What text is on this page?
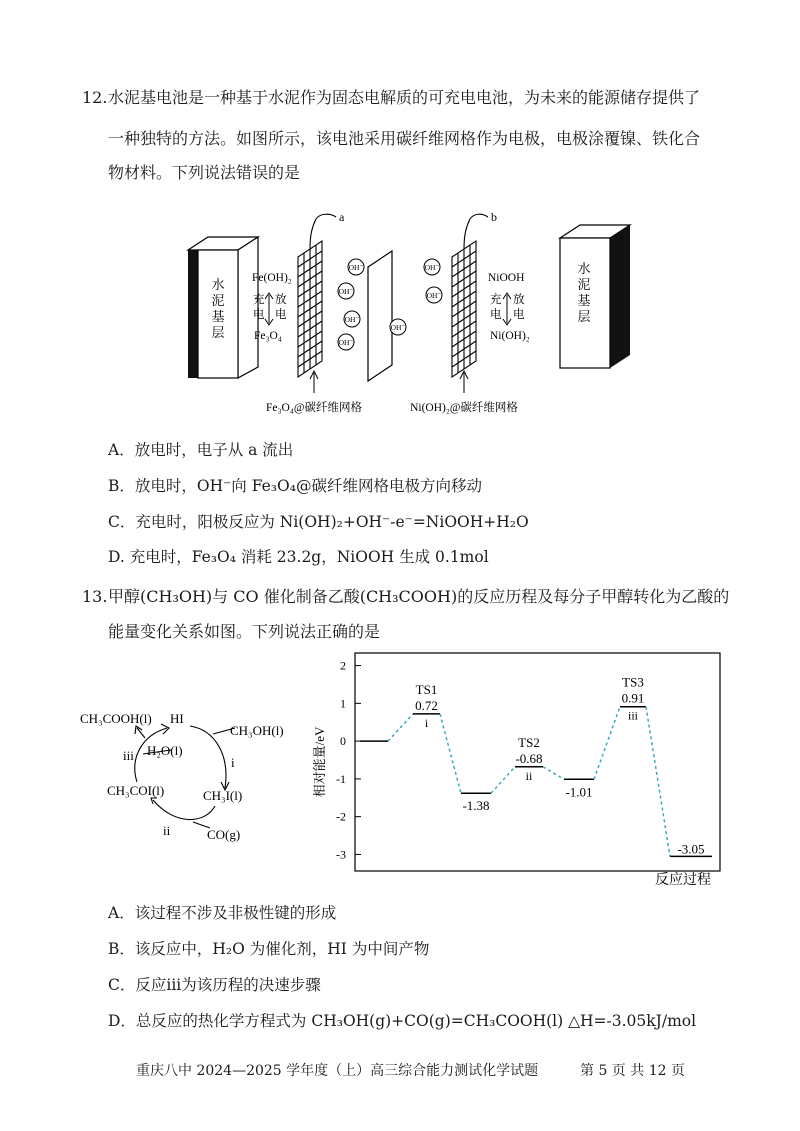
12. 水泥基电池是一种基于水泥作为固态电解质的可充电电池，为未来的能源储存提供了
一种独特的方法。如图所示，该电池采用碳纤维网格作为电极，电极涂覆镍、铁化合
物材料。下列说法错误的是
水
泥
基
层
Fe(OH)₂
充
电
放
电
Fe₃O₄
a
OH⁻
OH⁻
OH⁻
OH⁻
OH⁻
OH⁻
OH⁻
b
NiOOH
充
电
放
电
Ni(OH)₂
水
泥
基
层
Fe₃O₄@碳纤维网格	Ni(OH)₂@碳纤维网格
A．放电时，电子从 a 流出
B．放电时，OH⁻向 Fe₃O₄@碳纤维网格电极方向移动
C．充电时，阳极反应为 Ni(OH)₂+OH⁻-e⁻=NiOOH+H₂O
D. 充电时，Fe₃O₄ 消耗 23.2g，NiOOH 生成 0.1mol
13. 甲醇(CH₃OH)与 CO 催化制备乙酸(CH₃COOH)的反应历程及每分子甲醇转化为乙酸的
能量变化关系如图。下列说法正确的是
CH₃COOH(l) HI
CH₃OH(l)
H₂O(l)
iii	i
CH₃COI(l)	CH₃I(l)
ii	CO(g)
-3
-2
-1
0
1
2
TS1
0.72
i
-1.38
TS2
-0.68
ii
-1.01
TS3
0.91
iii
-3.05
相对能量/eV
反应过程
A．该过程不涉及非极性键的形成
B．该反应中，H₂O 为催化剂，HI 为中间产物
C．反应iii为该历程的决速步骤
D．总反应的热化学方程式为 CH₃OH(g)+CO(g)=CH₃COOH(l) △H=-3.05kJ/mol
重庆八中 2024—2025 学年度（上）高三综合能力测试化学试题	第 5 页 共 12 页
